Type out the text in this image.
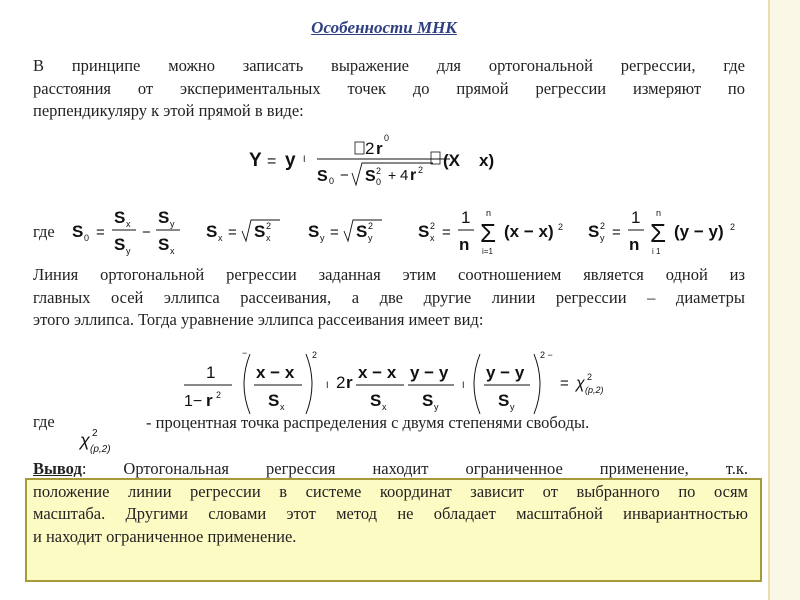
Особенности МНК
В принципе можно записать выражение для ортогональной регрессии, где
расстояния от экспериментальных точек до прямой регрессии измеряют по
перпендикуляру к этой прямой в виде:
Y = y I
2 r
0
S 0 − S 2
0 + 4 r 2 (X x)
где S 0 =
S x
S y
−
S y
S x
S x = S 2
x S y = S 2
y	S 2
x =
1
n
n
Σ
i=1
(x − x) 2 S 2
y =
1
n
n
Σ
i 1
(y − y) 2
Линия ортогональной регрессии заданная этим соотношением является одной из
главных осей эллипса рассеивания, а две другие линии регрессии – диаметры
этого эллипса. Тогда уравнение эллипса рассеивания имеет вид:
1
1− r 2
−
x − x
S x
2
I 2 r
x − x
S x
y − y
S y
I
y − y
S y
2 −
= χ 2
(p,2)
где
χ 2
(p,2)
- процентная точка распределения с двумя степенями свободы.
Вывод: Ортогональная регрессия находит ограниченное применение, т.к.
положение линии регрессии в системе координат зависит от выбранного по осям
масштаба. Другими словами этот метод не обладает масштабной инвариантностью
и находит ограниченное применение.
